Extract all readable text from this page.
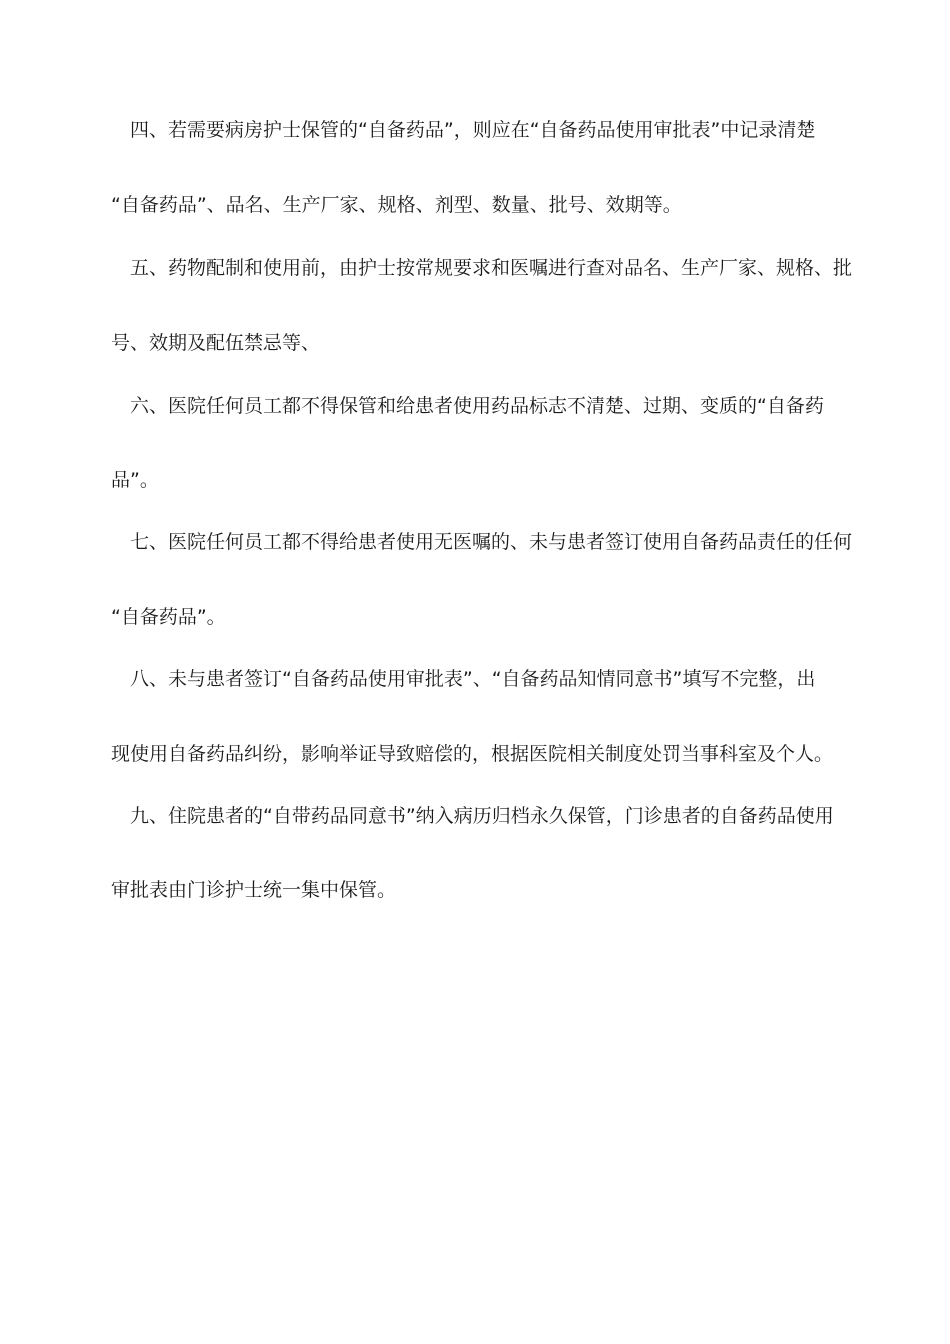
　四、若需要病房护士保管的“自备药品”，则应在“自备药品使用审批表”中记录清楚
“自备药品”、品名、生产厂家、规格、剂型、数量、批号、效期等。
　五、药物配制和使用前，由护士按常规要求和医嘱进行查对品名、生产厂家、规格、批
号、效期及配伍禁忌等、
　六、医院任何员工都不得保管和给患者使用药品标志不清楚、过期、变质的“自备药
品”。
　七、医院任何员工都不得给患者使用无医嘱的、未与患者签订使用自备药品责任的任何
“自备药品”。
　八、未与患者签订“自备药品使用审批表”、“自备药品知情同意书”填写不完整，出
现使用自备药品纠纷，影响举证导致赔偿的，根据医院相关制度处罚当事科室及个人。
　九、住院患者的“自带药品同意书”纳入病历归档永久保管，门诊患者的自备药品使用
审批表由门诊护士统一集中保管。
